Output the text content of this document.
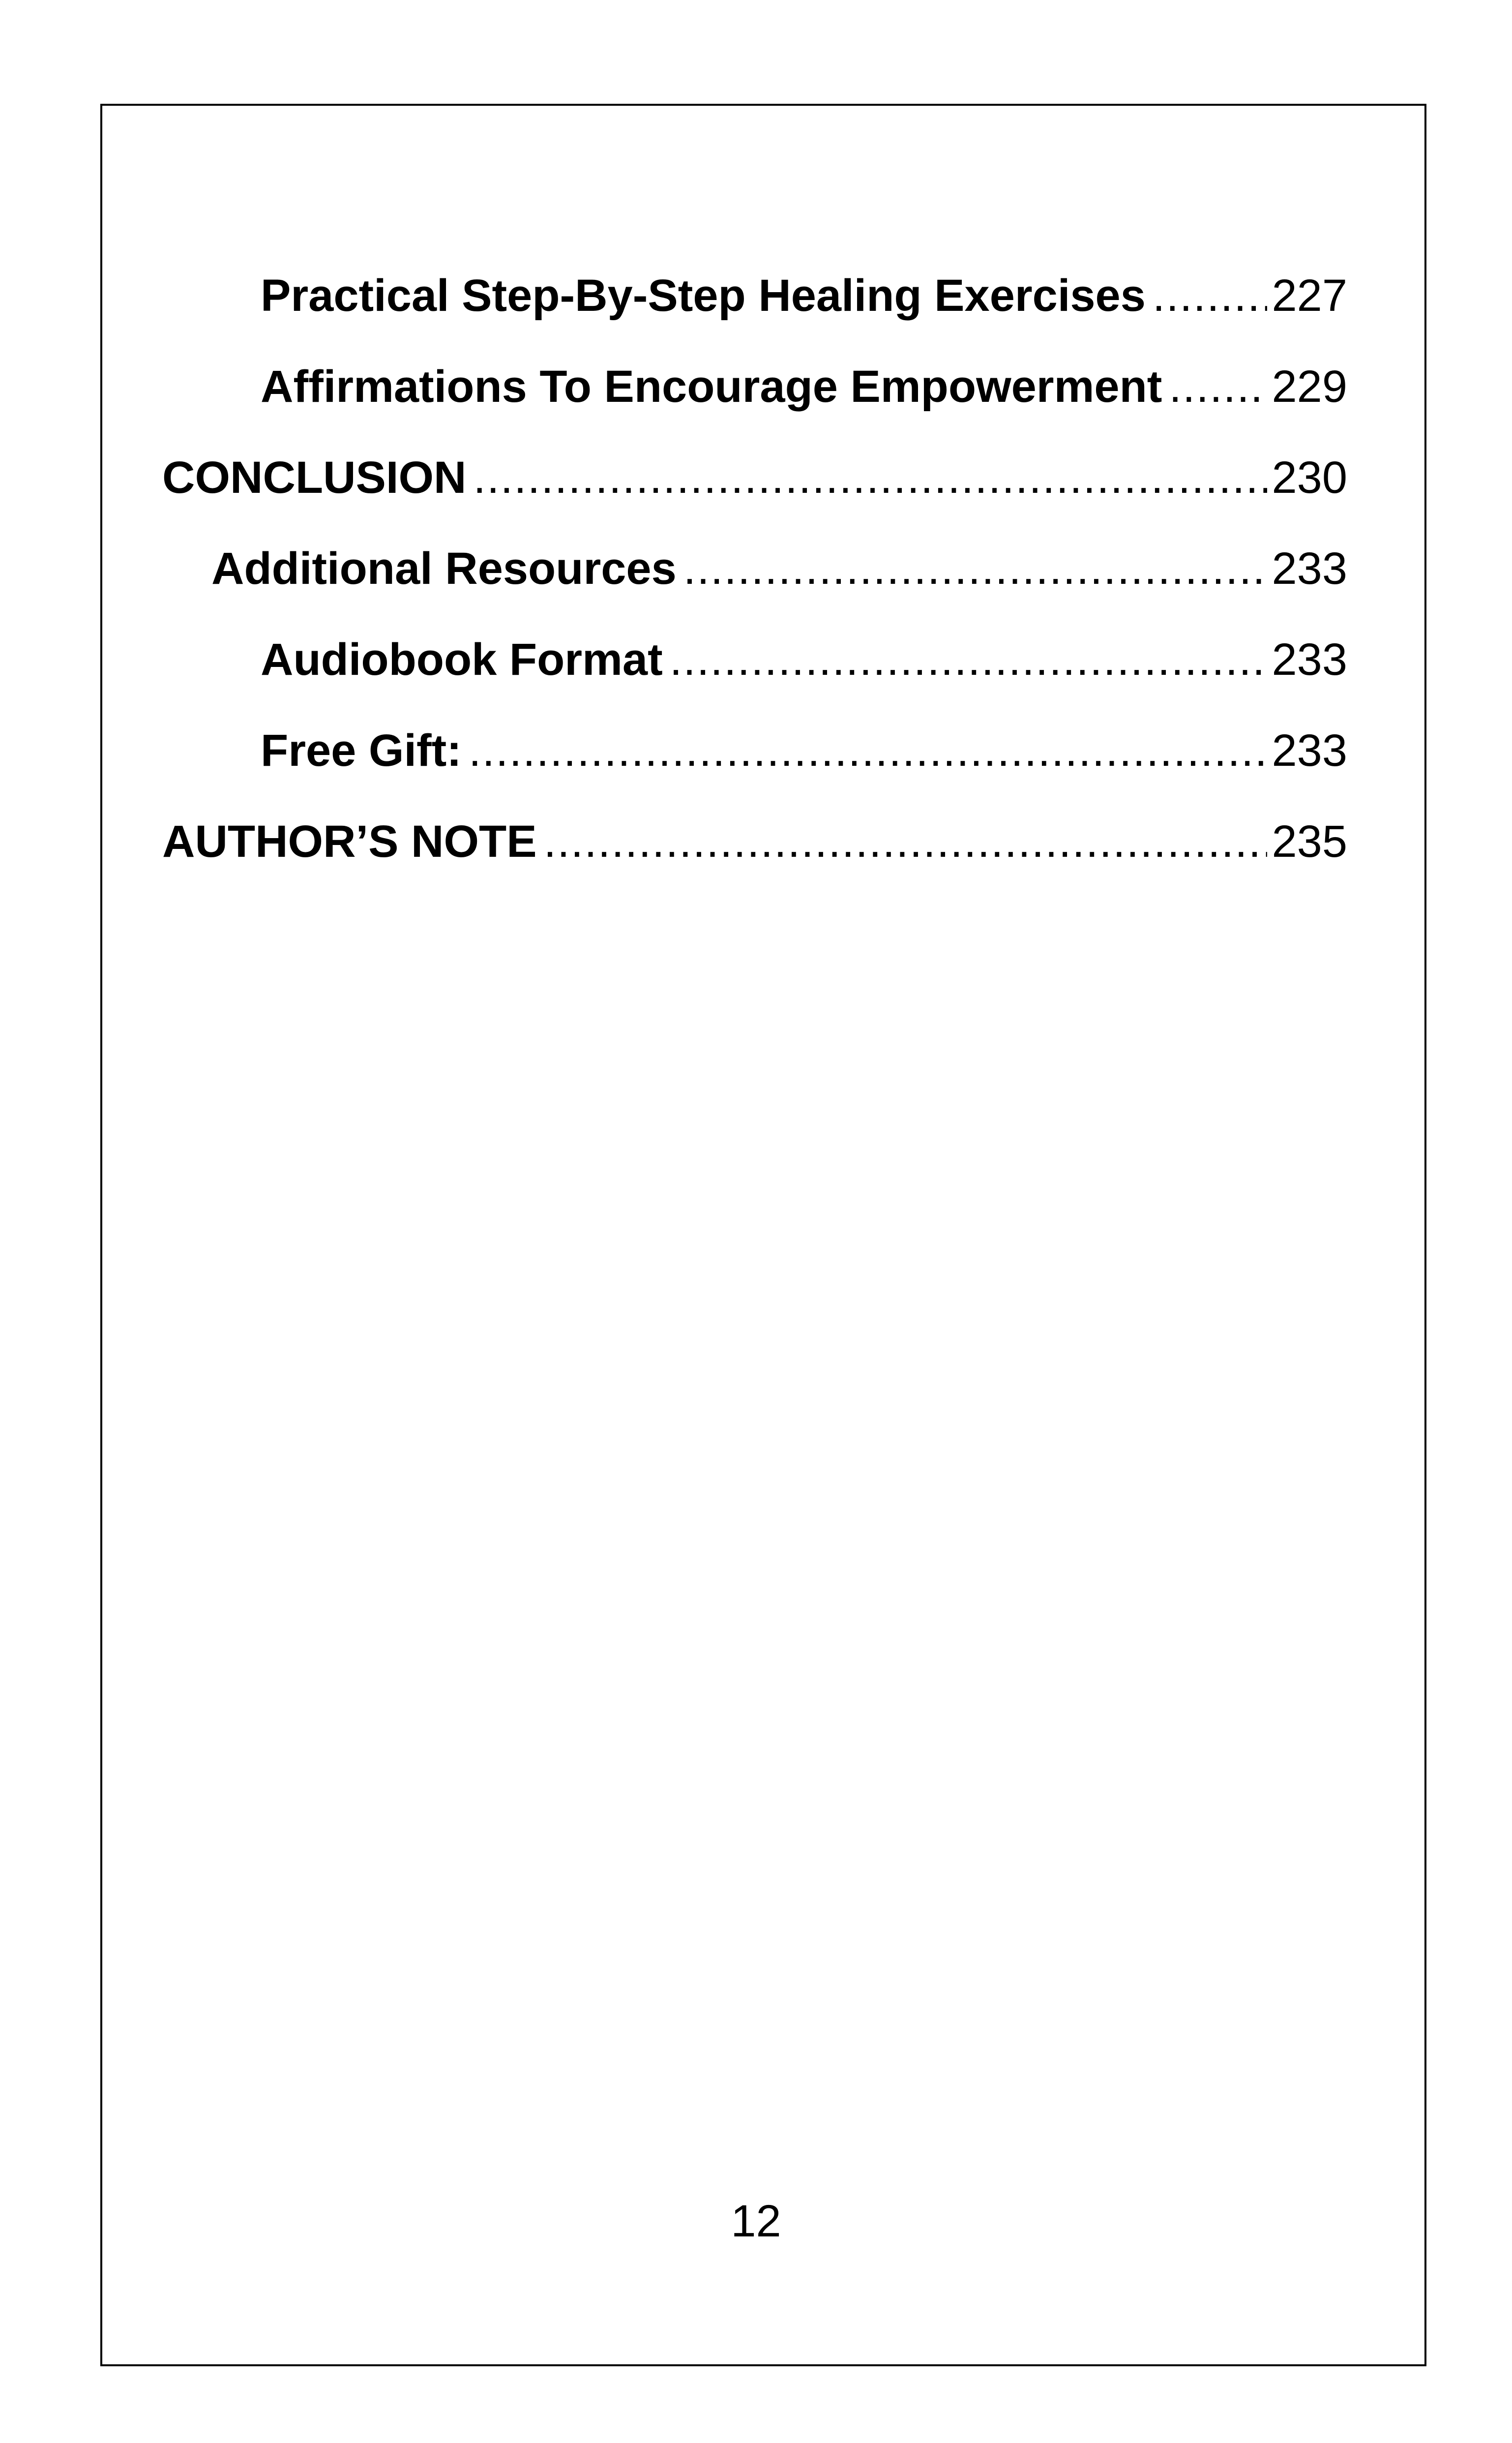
Practical Step-By-Step Healing Exercises .....	227
Affirmations To Encourage Empowerment ..... 229
CONCLUSION .....	230
Additional Resources .....	233
Audiobook Format .....	233
Free Gift: .....	233
AUTHOR’S NOTE .....	235
12
